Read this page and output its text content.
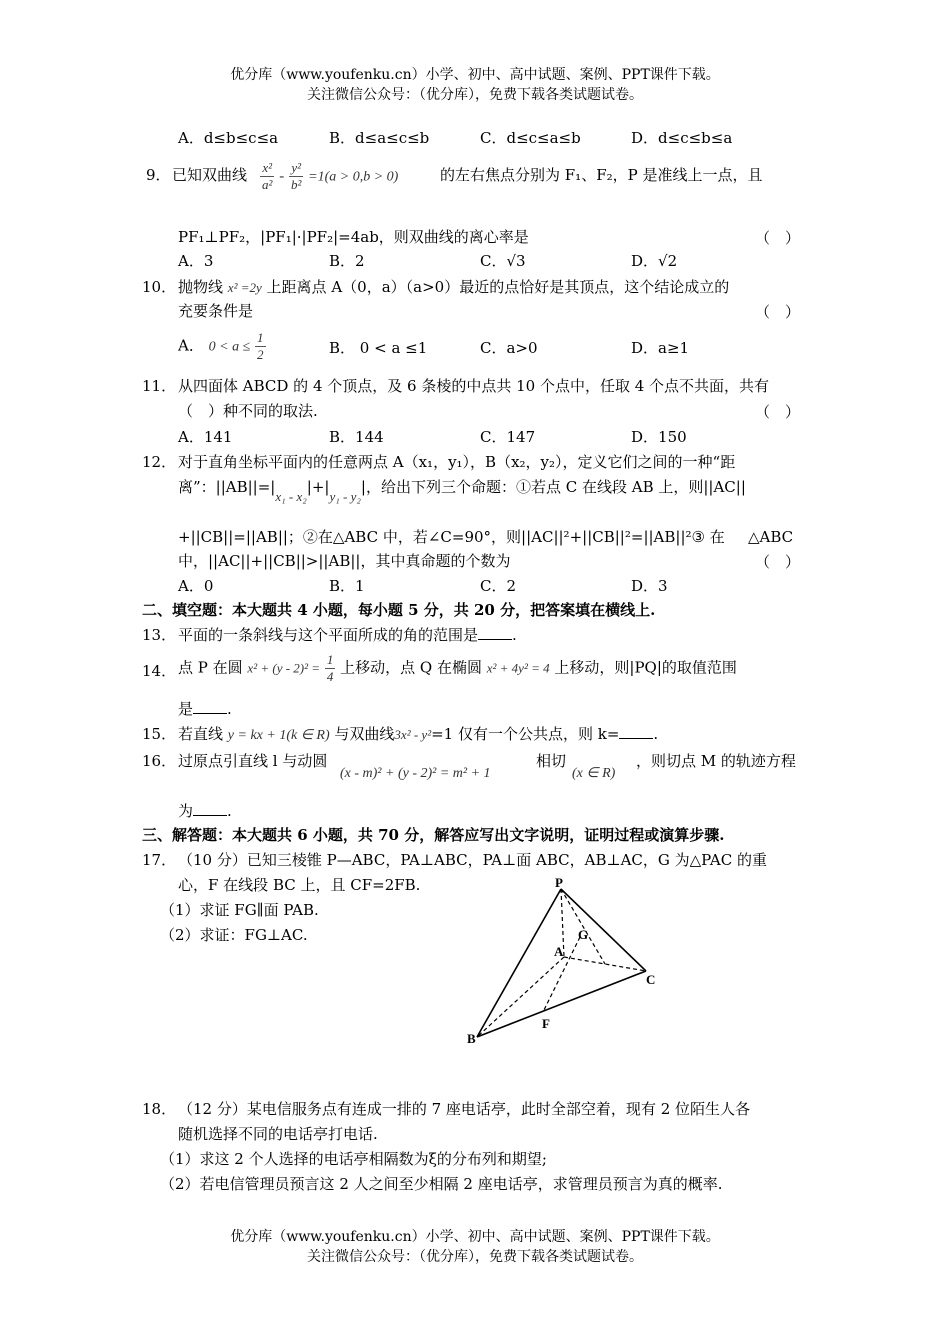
优分库（www.youfenku.cn）小学、初中、高中试题、案例、PPT课件下载。
关注微信公众号：（优分库），免费下载各类试题试卷。
A．d≤b≤c≤a	B．d≤a≤c≤b	C．d≤c≤a≤b	D．d≤c≤b≤a
9． 已知双曲线 $\frac{\text{x²}}{\text{a²}} - \frac{\text{y²}}{\text{b²}} =1(a > 0,b > 0)$	的左右焦点分别为 F₁、F₂，P 是准线上一点，且
PF₁⊥PF₂，|PF₁|·|PF₂|=4ab，则双曲线的离心率是	（　）
A．3	B．2	C．√3	D．√2
10． 抛物线 x² =2y 上距离点 A（0，a）（a>0）最近的点恰好是其顶点，这个结论成立的
充要条件是	（　）
A． $0 < a \le \frac{1}{2}$	B． 0 < a ≤1	C．a>0	D．a≥1
11． 从四面体 ABCD 的 4 个顶点，及 6 条棱的中点共 10 个点中，任取 4 个点不共面，共有
（　）种不同的取法.	（　）
A．141	B．144	C．147	D．150
12． 对于直角坐标平面内的任意两点 A（x₁，y₁），B（x₂，y₂），定义它们之间的一种“距
离”：||AB||=|x₁ - x₂|+|y₁ - y₂|，给出下列三个命题：①若点 C 在线段 AB 上，则||AC||
+||CB||=||AB||；②在△ABC 中，若∠C=90°，则||AC||²+||CB||²=||AB||²③ 在 △ABC
中，||AC||+||CB||>||AB||，其中真命题的个数为	（　）
A．0	B．1	C．2	D．3
二、填空题：本大题共 4 小题，每小题 5 分，共 20 分，把答案填在横线上.
13． 平面的一条斜线与这个平面所成的角的范围是 .
14． 点 P 在圆 $x^2 + (y - 2)^2 = \frac{1}{4}$ 上移动，点 Q 在椭圆 x² + 4y² = 4 上移动，则|PQ|的取值范围
是 .
15． 若直线 y = kx + 1(k ∈ R) 与双曲线3x² - y²=1 仅有一个公共点，则 k= .
16． 过原点引直线 l 与动圆
(x - m)² + (y - 2)² = m² + 1
相切
(x ∈ R)
，则切点 M 的轨迹方程
为 .
三、解答题：本大题共 6 小题，共 70 分，解答应写出文字说明，证明过程或演算步骤.
17． （10 分）已知三棱锥 P—ABC，PA⊥ABC，PA⊥面 ABC，AB⊥AC，G 为△PAC 的重
心，F 在线段 BC 上，且 CF=2FB.
（1）求证 FG∥面 PAB.
（2）求证：FG⊥AC.
P
A
G
C
F
B
18． （12 分）某电信服务点有连成一排的 7 座电话亭，此时全部空着，现有 2 位陌生人各
随机选择不同的电话亭打电话.
（1）求这 2 个人选择的电话亭相隔数为ξ的分布列和期望;
（2）若电信管理员预言这 2 人之间至少相隔 2 座电话亭，求管理员预言为真的概率.
优分库（www.youfenku.cn）小学、初中、高中试题、案例、PPT课件下载。
关注微信公众号：（优分库），免费下载各类试题试卷。
